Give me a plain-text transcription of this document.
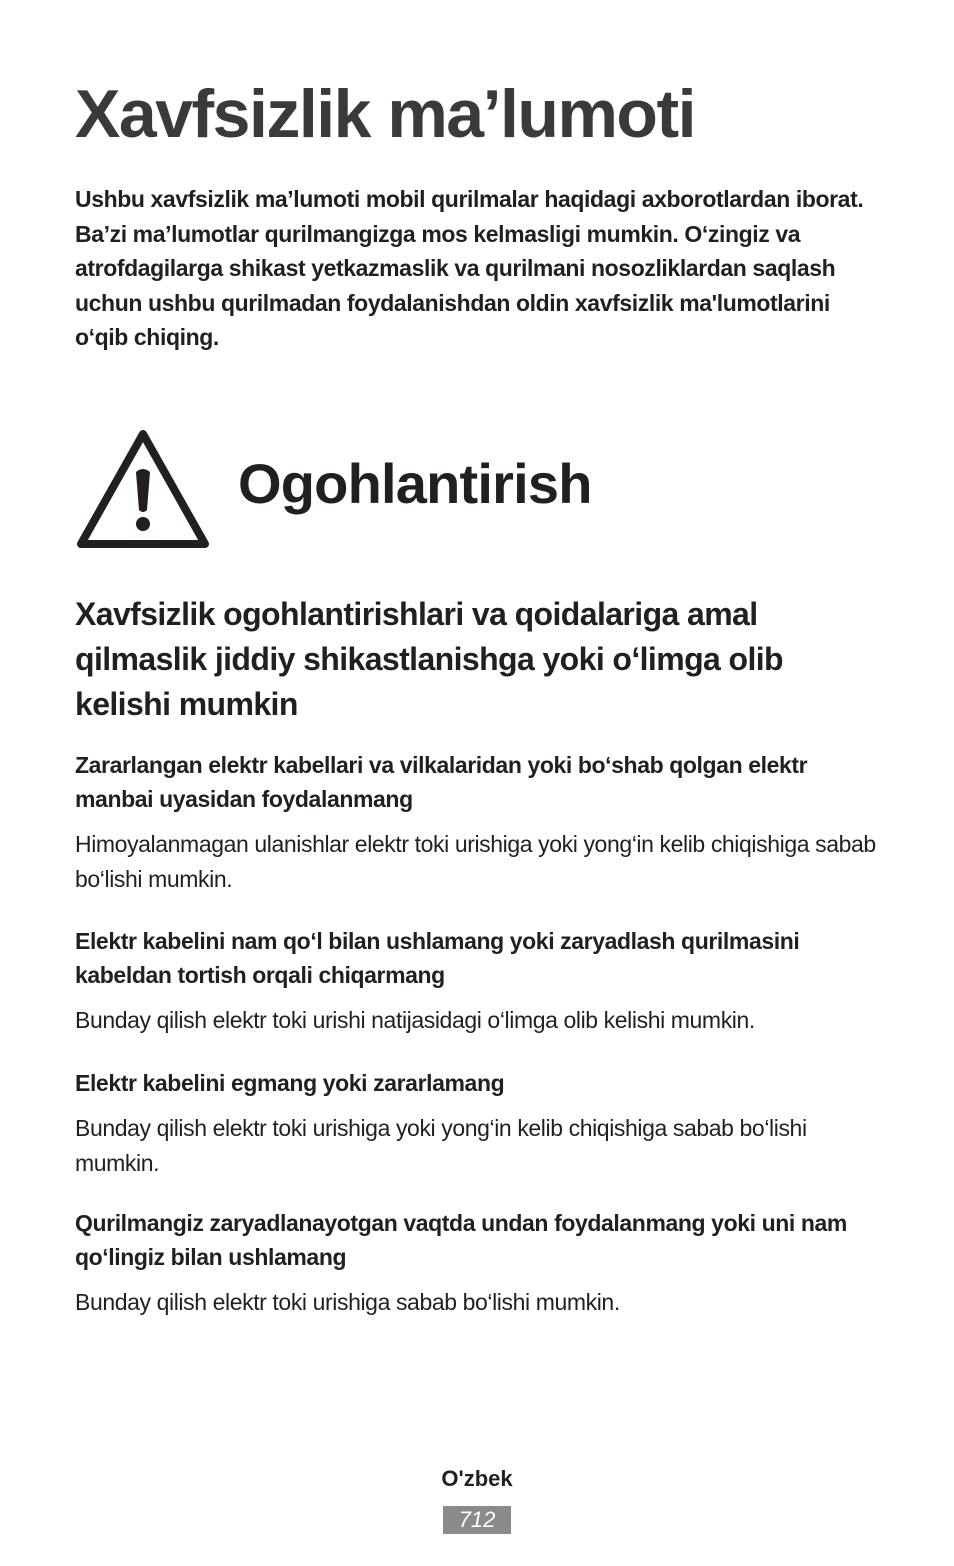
Xavfsizlik ma’lumoti

Ushbu xavfsizlik ma’lumoti mobil qurilmalar haqidagi axborotlardan iborat. Ba’zi ma’lumotlar qurilmangizga mos kelmasligi mumkin. O‘zingiz va atrofdagilarga shikast yetkazmaslik va qurilmani nosozliklardan saqlash uchun ushbu qurilmadan foydalanishdan oldin xavfsizlik ma'lumotlarini o‘qib chiqing.

Ogohlantirish

Xavfsizlik ogohlantirishlari va qoidalariga amal qilmaslik jiddiy shikastlanishga yoki o‘limga olib kelishi mumkin

Zararlangan elektr kabellari va vilkalaridan yoki bo‘shab qolgan elektr manbai uyasidan foydalanmang

Himoyalanmagan ulanishlar elektr toki urishiga yoki yong‘in kelib chiqishiga sabab bo‘lishi mumkin.

Elektr kabelini nam qo‘l bilan ushlamang yoki zaryadlash qurilmasini kabeldan tortish orqali chiqarmang

Bunday qilish elektr toki urishi natijasidagi o‘limga olib kelishi mumkin.

Elektr kabelini egmang yoki zararlamang

Bunday qilish elektr toki urishiga yoki yong‘in kelib chiqishiga sabab bo‘lishi mumkin.

Qurilmangiz zaryadlanayotgan vaqtda undan foydalanmang yoki uni nam qo‘lingiz bilan ushlamang

Bunday qilish elektr toki urishiga sabab bo‘lishi mumkin.

O'zbek
712
